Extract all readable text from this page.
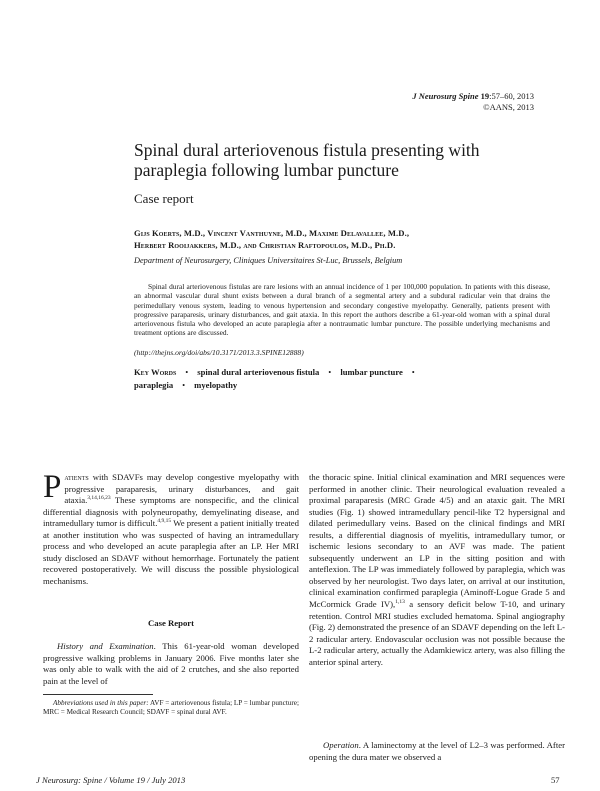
J Neurosurg Spine 19:57–60, 2013
©AANS, 2013
Spinal dural arteriovenous fistula presenting with paraplegia following lumbar puncture
Case report
Gijs Koerts, M.D., Vincent Vanthuyne, M.D., Maxime Delavallee, M.D.,
Herbert Rooijakkers, M.D., and Christian Raftopoulos, M.D., Ph.D.
Department of Neurosurgery, Cliniques Universitaires St-Luc, Brussels, Belgium
Spinal dural arteriovenous fistulas are rare lesions with an annual incidence of 1 per 100,000 population. In patients with this disease, an abnormal vascular dural shunt exists between a dural branch of a segmental artery and a subdural radicular vein that drains the perimedullary venous system, leading to venous hypertension and secondary congestive myelopathy. Generally, patients present with progressive paraparesis, urinary disturbances, and gait ataxia. In this report the authors describe a 61-year-old woman with a spinal dural arteriovenous fistula who developed an acute paraplegia after a nontraumatic lumbar puncture. The possible underlying mechanisms and treatment options are discussed.
(http://thejns.org/doi/abs/10.3171/2013.3.SPINE12888)
Key Words • spinal dural arteriovenous fistula • lumbar puncture •
paraplegia • myelopathy
Patients with SDAVFs may develop congestive myelopathy with progressive paraparesis, urinary disturbances, and gait ataxia.$^{3,14,16,23}$ These symptoms are nonspecific, and the clinical differential diagnosis with polyneuropathy, demyelinating disease, and intramedullary tumor is difficult.$^{4,9,15}$ We present a patient initially treated at another institution who was suspected of having an intramedullary process and who developed an acute paraplegia after an LP. Her MRI study disclosed an SDAVF without hemorrhage. Fortunately the patient recovered postoperatively. We will discuss the possible physiological mechanisms.
Case Report
History and Examination. This 61-year-old woman developed progressive walking problems in January 2006. Five months later she was only able to walk with the aid of 2 crutches, and she also reported pain at the level of
Abbreviations used in this paper: AVF = arteriovenous fistula; LP = lumbar puncture; MRC = Medical Research Council; SDAVF = spinal dural AVF.
the thoracic spine. Initial clinical examination and MRI sequences were performed in another clinic. Their neurological evaluation revealed a proximal paraparesis (MRC Grade 4/5) and an ataxic gait. The MRI studies (Fig. 1) showed intramedullary pencil-like T2 hypersignal and dilated perimedullary veins. Based on the clinical findings and MRI results, a differential diagnosis of myelitis, intramedullary tumor, or ischemic lesions secondary to an AVF was made. The patient subsequently underwent an LP in the sitting position and with anteflexion. The LP was immediately followed by paraplegia, which was observed by her neurologist. Two days later, on arrival at our institution, clinical examination confirmed paraplegia (Aminoff-Logue Grade 5 and McCormick Grade IV),$^{1,13}$ a sensory deficit below T-10, and urinary retention. Control MRI studies excluded hematoma. Spinal angiography (Fig. 2) demonstrated the presence of an SDAVF depending on the left L-2 radicular artery. Endovascular occlusion was not possible because the L-2 radicular artery, actually the Adamkiewicz artery, was also filling the anterior spinal artery.
Operation. A laminectomy at the level of L2–3 was performed. After opening the dura mater we observed a
J Neurosurg: Spine / Volume 19 / July 2013	57
